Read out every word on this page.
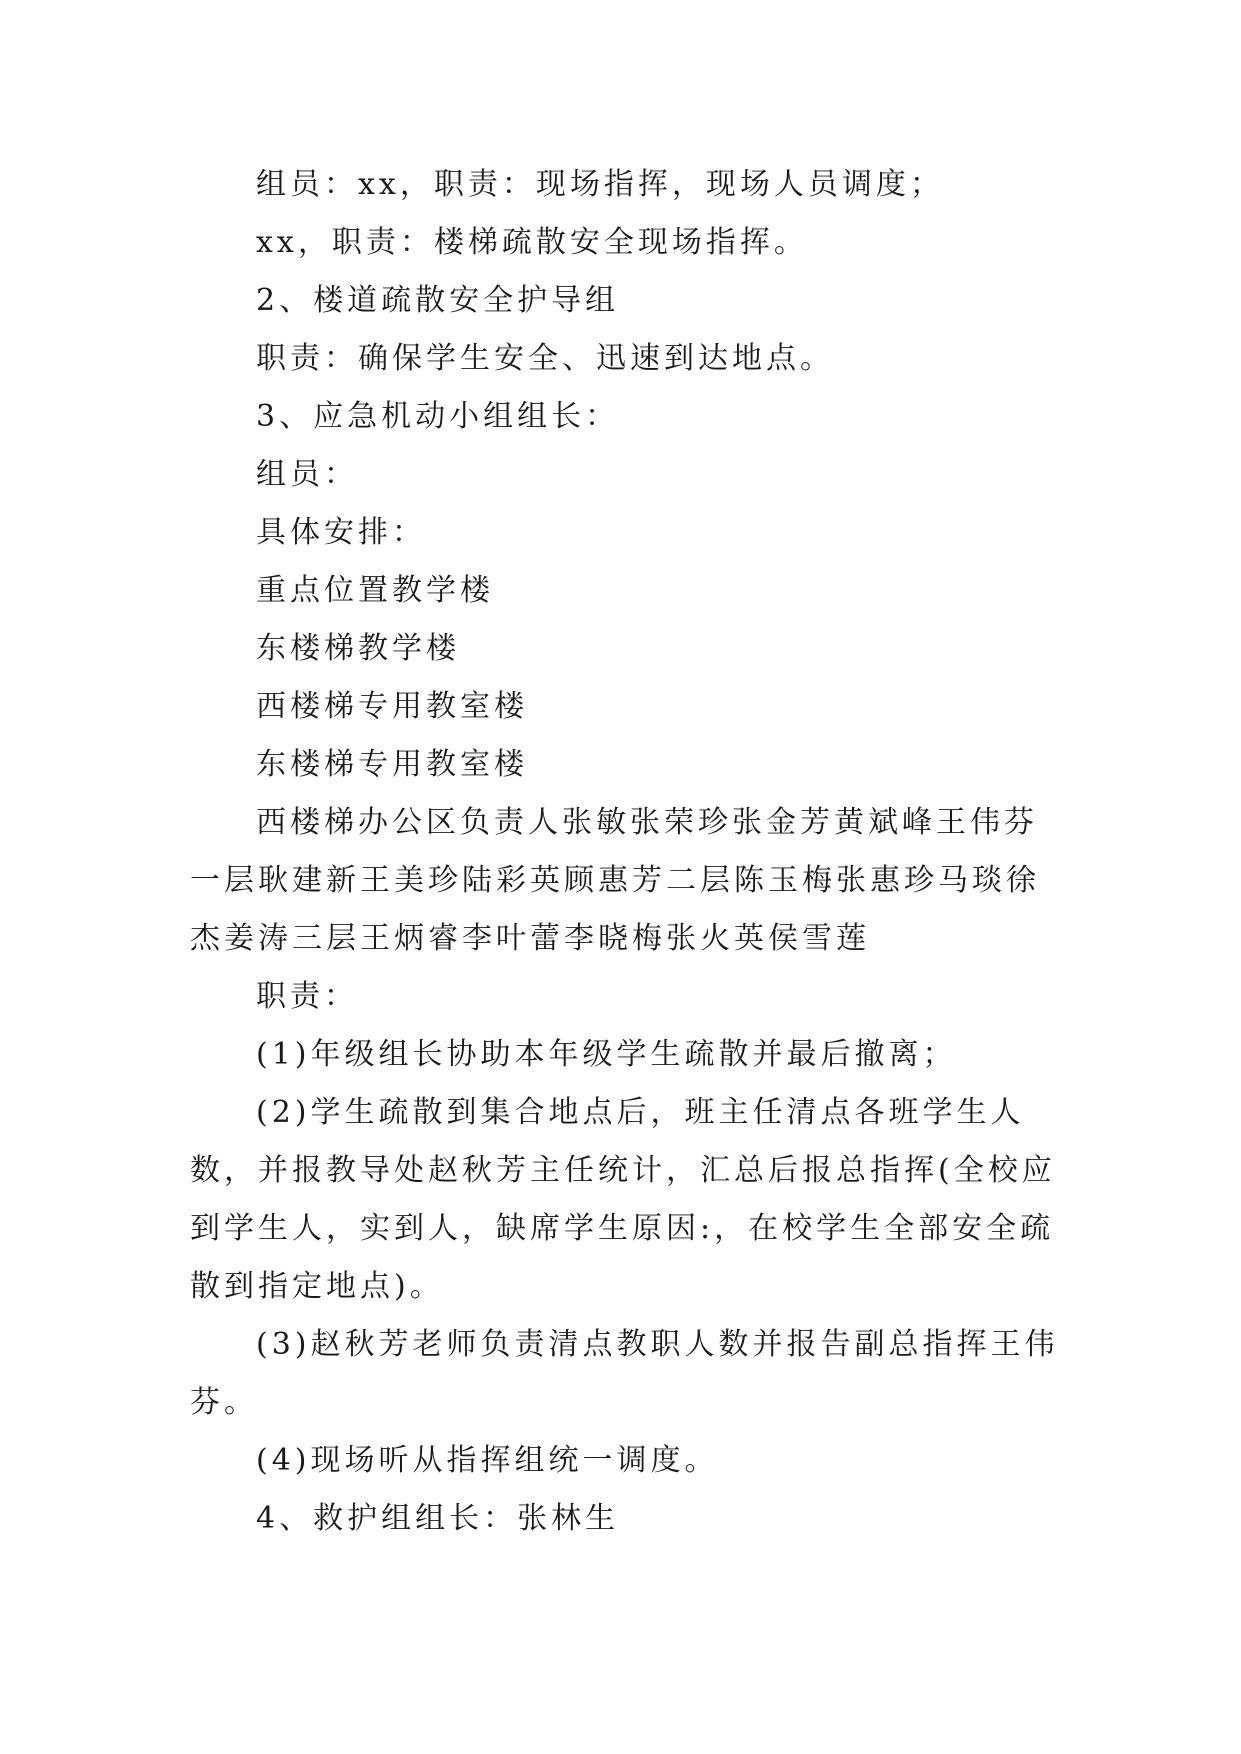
组员：xx，职责：现场指挥，现场人员调度；

xx，职责：楼梯疏散安全现场指挥。

2、楼道疏散安全护导组

职责：确保学生安全、迅速到达地点。

3、应急机动小组组长：

组员：

具体安排：

重点位置教学楼

东楼梯教学楼

西楼梯专用教室楼

东楼梯专用教室楼

西楼梯办公区负责人张敏张荣珍张金芳黄斌峰王伟芬一层耿建新王美珍陆彩英顾惠芳二层陈玉梅张惠珍马琰徐杰姜涛三层王炳睿李叶蕾李晓梅张火英侯雪莲

职责：

(1)年级组长协助本年级学生疏散并最后撤离；

(2)学生疏散到集合地点后，班主任清点各班学生人数，并报教导处赵秋芳主任统计，汇总后报总指挥(全校应到学生人，实到人，缺席学生原因:，在校学生全部安全疏散到指定地点)。

(3)赵秋芳老师负责清点教职人数并报告副总指挥王伟芬。

(4)现场听从指挥组统一调度。

4、救护组组长：张林生
